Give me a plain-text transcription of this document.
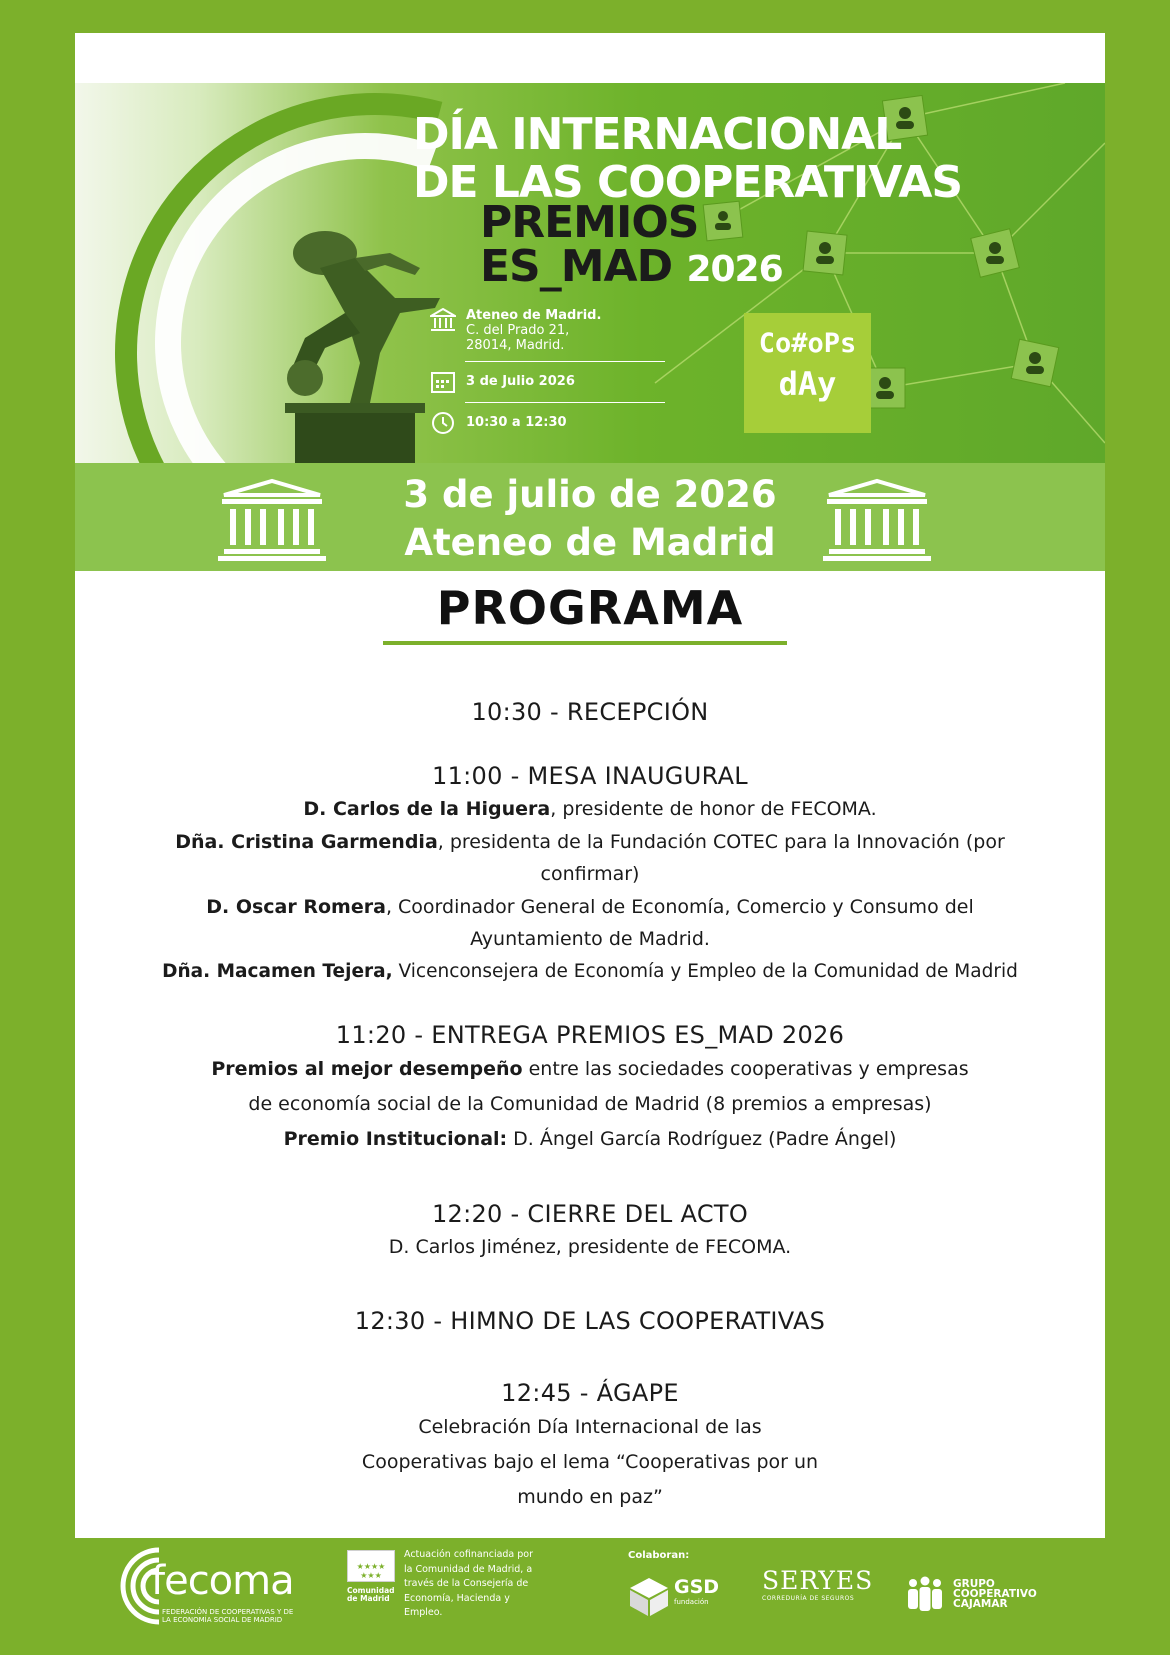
DÍA INTERNACIONAL
DE LAS COOPERATIVAS
PREMIOS
ES_MAD 2026
Ateneo de Madrid.
C. del Prado 21, 28014, Madrid.
3 de Julio 2026
10:30 a 12:30
Co#oPs
dAy
3 de julio de 2026
Ateneo de Madrid
PROGRAMA
10:30 - RECEPCIÓN
11:00 - MESA INAUGURAL

D. Carlos de la Higuera, presidente de honor de FECOMA.

Dña. Cristina Garmendia, presidenta de la Fundación COTEC para la Innovación (por confirmar)

D. Oscar Romera, Coordinador General de Economía, Comercio y Consumo del Ayuntamiento de Madrid.

Dña. Macamen Tejera, Vicenconsejera de Economía y Empleo de la Comunidad de Madrid

11:20 - ENTREGA PREMIOS ES_MAD 2026

Premios al mejor desempeño entre las sociedades cooperativas y empresas de economía social de la Comunidad de Madrid (8 premios a empresas)

Premio Institucional: D. Ángel García Rodríguez (Padre Ángel)

12:20 - CIERRE DEL ACTO

D. Carlos Jiménez, presidente de FECOMA.

12:30 - HIMNO DE LAS COOPERATIVAS
12:45 - ÁGAPE

Celebración Día Internacional de las Cooperativas bajo el lema “Cooperativas por un mundo en paz”

fecoma
FEDERACIÓN DE COOPERATIVAS Y DE LA ECONOMÍA SOCIAL DE MADRID
★★★★
★★★
Comunidad de Madrid
Actuación cofinanciada por la Comunidad de Madrid, a través de la Consejería de Economía, Hacienda y Empleo.
Colaboran:
GSD
fundación
SERYES
CORREDURÍA DE SEGUROS
GRUPO
COOPERATIVO
CAJAMAR
